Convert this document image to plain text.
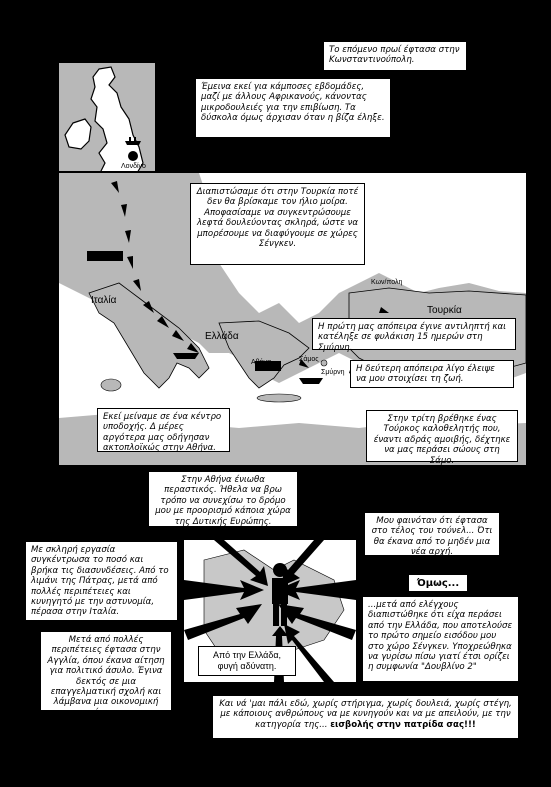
Λονδίνο
Ιταλία
Ελλάδα
Τουρκία
Αθήνα	Σάμος
Σμύρνη
Κων/πολη
Το επόμενο πρωί έφτασα στην Κωνσταντινούπολη.
Έμεινα εκεί για κάμποσες εβδομάδες, μαζί με άλλους Αφρικανούς, κάνοντας μικροδουλειές για την επιβίωση. Τα δύσκολα όμως άρχισαν όταν η βίζα έληξε.
Διαπιστώσαμε ότι στην Τουρκία ποτέ δεν θα βρίσκαμε τον ήλιο μοίρα. Αποφασίσαμε να συγκεντρώσουμε λεφτά δουλεύοντας σκληρά, ώστε να μπορέσουμε να διαφύγουμε σε χώρες Σένγκεν.
Η πρώτη μας απόπειρα έγινε αντιληπτή και κατέληξε σε φυλάκιση 15 ημερών στη Σμύρνη.
Η δεύτερη απόπειρα λίγο έλειψε να μου στοιχίσει τη ζωή.
Εκεί μείναμε σε ένα κέντρο υποδοχής. Δ μέρες αργότερα μας οδήγησαν ακτοπλοϊκώς στην Αθήνα.
Στην τρίτη βρέθηκε ένας Τούρκος καλοθελητής που, έναντι αδράς αμοιβής, δέχτηκε να μας περάσει σώους στη Σάμο.
Στην Αθήνα ένιωθα περαστικός. Ήθελα να βρω τρόπο να συνεχίσω το δρόμο μου με προορισμό κάποια χώρα της Δυτικής Ευρώπης.
Με σκληρή εργασία συγκέντρωσα το ποσό και βρήκα τις διασυνδέσεις. Από το λιμάνι της Πάτρας, μετά από πολλές περιπέτειες και κυνηγητό με την αστυνομία, πέρασα στην Ιταλία.
Μου φαινόταν ότι έφτασα στο τέλος του τούνελ... Ότι θα έκανα από το μηδέν μια νέα αρχή.
Από την Ελλάδα, φυγή αδύνατη.
Όμως...
...μετά από ελέγχους διαπιστώθηκε ότι είχα περάσει από την Ελλάδα, που αποτελούσε το πρώτο σημείο εισόδου μου στο χώρο Σένγκεν. Υποχρεώθηκα να γυρίσω πίσω γιατί έτσι ορίζει η συμφωνία "Δουβλίνο 2"
Μετά από πολλές περιπέτειες έφτασα στην Αγγλία, όπου έκανα αίτηση για πολιτικό άσυλο. Έγινα δεκτός σε μια επαγγελματική σχολή και λάμβανα μια οικονομική ενίσχυση.
Και νά 'μαι πάλι εδώ, χωρίς στήριγμα, χωρίς δουλειά, χωρίς στέγη, με κάποιους ανθρώπους να με κυνηγούν και να με απειλούν, με την κατηγορία της... εισβολής στην πατρίδα σας!!!
